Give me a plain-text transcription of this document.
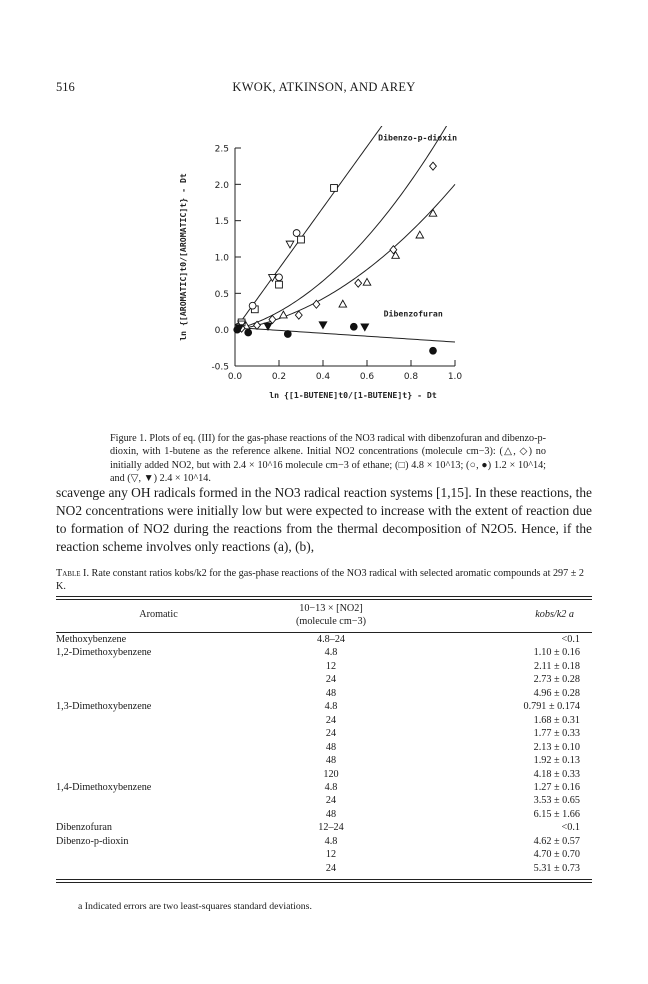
516	KWOK, ATKINSON, AND AREY
-0.5
0.0
0.5
1.0
1.5
2.0
2.5
0.0	0.2	0.4	0.6	0.8	1.0
ln {[1-BUTENE]t0/[1-BUTENE]t} - Dt
ln {[AROMATIC]t0/[AROMATIC]t} - Dt
Dibenzo-p-dioxin
Dibenzofuran
Figure 1. Plots of eq. (III) for the gas-phase reactions of the NO3 radical with dibenzofuran and dibenzo-p-dioxin, with 1-butene as the reference alkene. Initial NO2 concentrations (molecule cm−3): (△, ◇) no initially added NO2, but with 2.4 × 10^16 molecule cm−3 of ethane; (□) 4.8 × 10^13; (○, ●) 1.2 × 10^14; and (▽, ▼) 2.4 × 10^14.
scavenge any OH radicals formed in the NO3 radical reaction systems [1,15]. In these reactions, the NO2 concentrations were initially low but were expected to increase with the extent of reaction due to formation of NO2 during the reactions from the thermal decomposition of N2O5. Hence, if the reaction scheme involves only reactions (a), (b),
Table I. Rate constant ratios kobs/k2 for the gas-phase reactions of the NO3 radical with selected aromatic compounds at 297 ± 2 K.
Aromatic	
10−13 × [NO2]
(molecule cm−3)
	kobs/k2 a
Methoxybenzene	4.8–24	<0.1
1,2-Dimethoxybenzene	4.8	1.10 ± 0.16
	12	2.11 ± 0.18
	24	2.73 ± 0.28
	48	4.96 ± 0.28
1,3-Dimethoxybenzene	4.8	0.791 ± 0.174
	24	1.68 ± 0.31
	24	1.77 ± 0.33
	48	2.13 ± 0.10
	48	1.92 ± 0.13
	120	4.18 ± 0.33
1,4-Dimethoxybenzene	4.8	1.27 ± 0.16
	24	3.53 ± 0.65
	48	6.15 ± 1.66
Dibenzofuran	12–24	<0.1
Dibenzo-p-dioxin	4.8	4.62 ± 0.57
	12	4.70 ± 0.70
	24	5.31 ± 0.73
a Indicated errors are two least-squares standard deviations.
